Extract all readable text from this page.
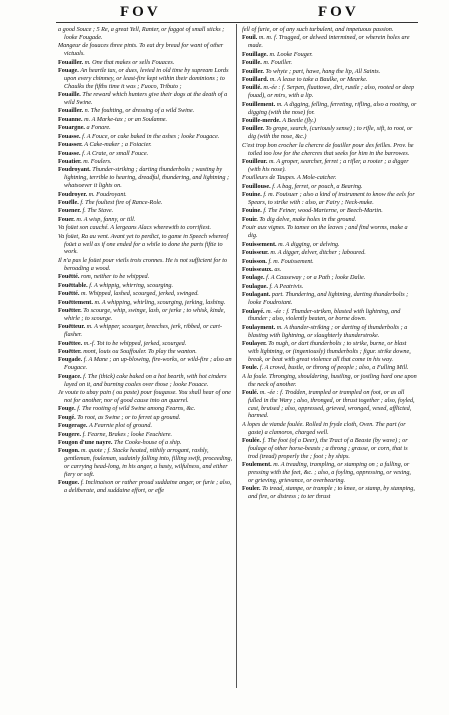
FOV	FOV

a good Souce ; 5 Re, a great Yell, Ranter, or faggot of small sticks ; looke Fougade.

Mangeur de fouaces three pints. To eat dry bread for want of other victuals.

Fouailler. m. One that makes or sells Fouaces.

Fouage. An heartle tax, or dues, levied in old time by supream Lords upon every chimney, or least-fire kept within their dominions ; to Chaulks the fifths time it was ; Fuoco, Tributo ;

Fouaille. The reward which hunters give their dogs at the death of a wild Swine.

Fouailler. n. The fouhting, or dressing of a wild Swine.

Fouanne. m. A Marke-tax ; or an Soulanne.

Fouargne. a Fonare.

Fouasse. f. A Fouce, or cake baked in the ashes ; looke Fougace.

Fouasser. A Cake-maker ; a Foiacier.

Fouasse. f. A Crate, or small Fouce.

Fouatier. m. Foulers.

Foudroyant. Thunder-striking ; darting thunderbolts ; wasting by lightning, terrible to hearing, dreadful, thundering, and lightning ; whatsoever it lights on.

Foudroyer. m. Foudroyant.

Fouëlle. f. The foultest fire of Rance-Role.

Fouener. f. The Stave.

Fouer. m. A wisp, fanny, or till.

Va foüet son cauché. A lergeans Alacs wherewith to corrifiest.

Va foüet, Ra au vent. Avant yet to perdict, to game in Speech whereof foüet a well as if one ended for a while to done the parts fiftie to work.

Il n'a pas le foüet pour vieils trois cronnes. He is not sufficient for to beroading a wood.

Fouëtté. rom, neither to be whipped.

Fouëttable. f. A whippig, whirring, scourging.

Fouëtté. m. Whipped, lashed, scourged, jerked, swinged.

Fouëttement. m. A whipping, whirling, scourging, jerking, lashing.

Fouëtter. To scourge, whip, swinge, lash, or jerke ; to whisk, kinde, whirle ; to scourge.

Fouëtteur. m. A whipper, scourger, breeches, jerk, ribbed, or cart-flasher.

Fouëttee. m.-f. Tot to be whipped, jerked, scourged.

Fouëtter. mont, louis ou Souffouler. To play the wanton.

Fougade. f. A Mane ; an up-blowing, fire-works, or wild-fire ; also an Fougace.

Fougace. f. The (thick) cake baked on a hot bearth, with hot cinders layed on it, and burning coales over those ; looke Fouace.

Je voute to ubay pain ( ou paste) pour fougasse. You shall hear of one not for another, nor of good cause into an quarrel.

Fouge. f. The rooting of wild Swine among Fearns, &c.

Fougé. To root, as Swine ; or to ferret up ground.

Fougerage. A Fearnie plot of ground.

Fougere. f. Fearne, Brakes ; looke Feuchiere.

Fougon d'une nayre. The Cooke-house of a ship.

Fougon. m. quote ; f. Stacke heated, nithily arrogant, rashly, gentleman, fouleman, sudainly falling into, filling swift, proceeding, or carrying head-long, in his anger, a hasty, wilfulness, and either fiery or soft.

Fougue. f. Inclinaison or rather proud suddaine anger, or furie ; also, a deliberate, and suddaine effort, or effe

fell of furie, or of any such turbulent, and impetuous passion.

Fouil. m. m. f. Trugged, or delwed intermined, or wherein holes are made.

Fouillage. m. Looke Fouger.

Fouille. m. Fouiller.

Fouiller. To whyte ; part, hawe, hang the lip, All Saints.

Fouillard. m. A lease to take a Baulke, or Mearke.

Fouillé. m.-ée : f. Serpen, fluattowe, dirt, rustle ; also, rooted or deep fouad), or mirs, with a lip.

Fouillement. m. A digging, felling, ferreting, rifling, also a rooting, or digging (with the nose) for.

Fouille-merde. A Beetle (fly.)

Fouiller. To grope, search, (curiously sense) ; to rifle, sift, to root, or dig (with the nose, &c.)

C'est trop bon crocher la chercre de fouiller pour des feilles. Prov. he toiled too low for the chercres that seeks for him in the barrowes.

Fouilleur. m. A groper, searcher, ferret ; a rifler, a rooter ; a digger (with his nose).

Fouilleurs de Taupes. A Mole-catcher.

Fouillouse. f. A bag, ferret, or pouch, a Bearing.

Fouine. f. m. Fouisuer ; also a kind of instrument to know the eels for Spears, to strike with : also, ar Fairy ; Neck-muke.

Fouine. f. The Feiner, wood-Marterne, or Beech-Martin.

Fouir. To dig delve, make holes in the ground.

Fouir aux vignes. To tamee on the leaves ; and find worms, make a dig.

Fouissement. m. A digging, or delving.

Fouisseur. m. A digger, delver, ditcher ; laboured.

Fouisson. f. m. Fouissement.

Fouisseaux. as.

Foulage. f. A Causeway ; or a Path ; looke Dalie.

Foulague. f. A Peatrivis.

Foulagant. part. Thundering, and lightning, darting thunderbolts ; looke Foudroiant.

Foulayé. m. -ée : f. Thunder-striken, blasted with lightning, and thunder ; also, violently beaten, or borne down.

Foulayment. m. A thunder-striking ; or darting of thunderbolts ; a blasting with lightning, or slaughterly thunderstroke.

Foulayer. To nugh, or dart thunderbolts ; to strike, burne, or blast with lightning, or (ingeniously) thunderbolts ; figur. strike downe, break, or beat with great violence all that come in his way.

Foule. f. A crowd, bustle, or throng of people ; also, a Fulling Mill.

A la foule. Thronging, shouldering, hustling, or jostling hard one upon the neck of another.

Foulé. m. -ée : f. Trodden, trampled or trampled on foot, or as all fulled in the Wary ; also, thronged, or thrust together ; also, foyled, cast, bruised ; also, oppressed, grieved, wronged, vexed, afflicted, harmed.

A lopes de viande foulée. Rolled in fryde cloth, Oven. The part (or gaste) a clamoros, charged well.

Foulée. f. The foot (of a Deer), the Tract of a Beaste (by wave) ; or foulage of other horse-beasts ; a throng ; grasse, or corn, that is trod (tread) properly the ; foot ; by ships.

Foulement. m. A treading, trampling, or stamping on ; a fulling, or pressing with the feet, &c. ; also, a foyling, oppressing, or vexing, or grieving, grievance, or overbearing.

Fouler. To tread, stampe, or trample ; to knee, or stamp, by stamping, and fire, or distress ; to ter thrust
